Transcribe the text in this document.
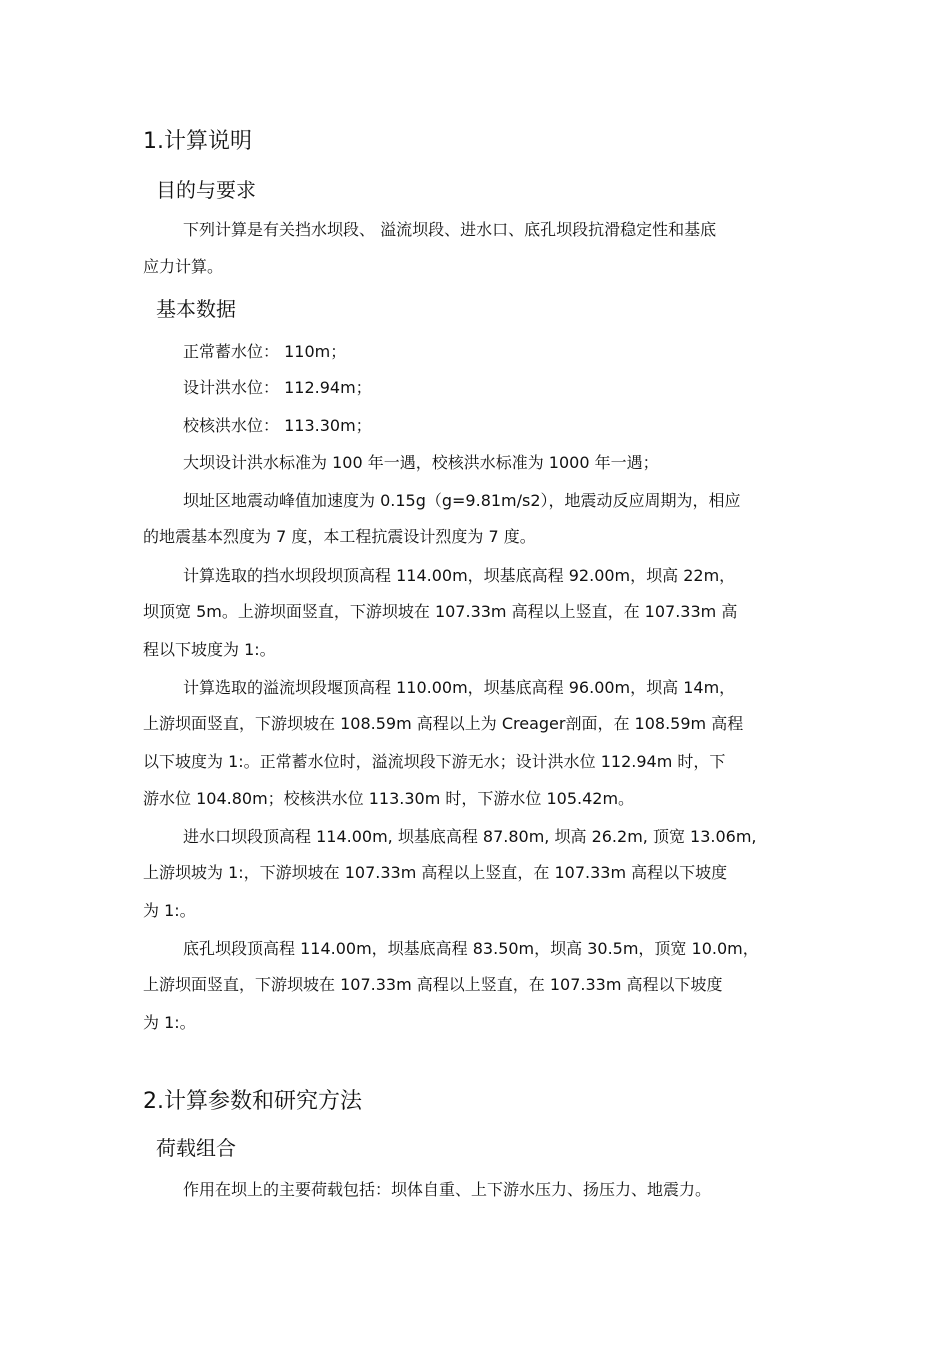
1.计算说明
目的与要求
下列计算是有关挡水坝段、 溢流坝段、进水口、底孔坝段抗滑稳定性和基底
应力计算。
基本数据
正常蓄水位： 110m；
设计洪水位： 112.94m；
校核洪水位： 113.30m；
大坝设计洪水标准为 100 年一遇，校核洪水标准为 1000 年一遇；
坝址区地震动峰值加速度为 0.15g（g=9.81m/s2），地震动反应周期为，相应
的地震基本烈度为 7 度，本工程抗震设计烈度为 7 度。
计算选取的挡水坝段坝顶高程 114.00m，坝基底高程 92.00m，坝高 22m，
坝顶宽 5m。上游坝面竖直，下游坝坡在 107.33m 高程以上竖直，在 107.33m 高
程以下坡度为 1:。
计算选取的溢流坝段堰顶高程 110.00m，坝基底高程 96.00m，坝高 14m，
上游坝面竖直，下游坝坡在 108.59m 高程以上为 Creager剖面，在 108.59m 高程
以下坡度为 1:。正常蓄水位时，溢流坝段下游无水；设计洪水位 112.94m 时，下
游水位 104.80m；校核洪水位 113.30m 时，下游水位 105.42m。
进水口坝段顶高程 114.00m, 坝基底高程 87.80m, 坝高 26.2m, 顶宽 13.06m,
上游坝坡为 1:，下游坝坡在 107.33m 高程以上竖直，在 107.33m 高程以下坡度
为 1:。
底孔坝段顶高程 114.00m，坝基底高程 83.50m，坝高 30.5m，顶宽 10.0m，
上游坝面竖直，下游坝坡在 107.33m 高程以上竖直，在 107.33m 高程以下坡度
为 1:。
2.计算参数和研究方法
荷载组合
作用在坝上的主要荷载包括：坝体自重、上下游水压力、扬压力、地震力。
